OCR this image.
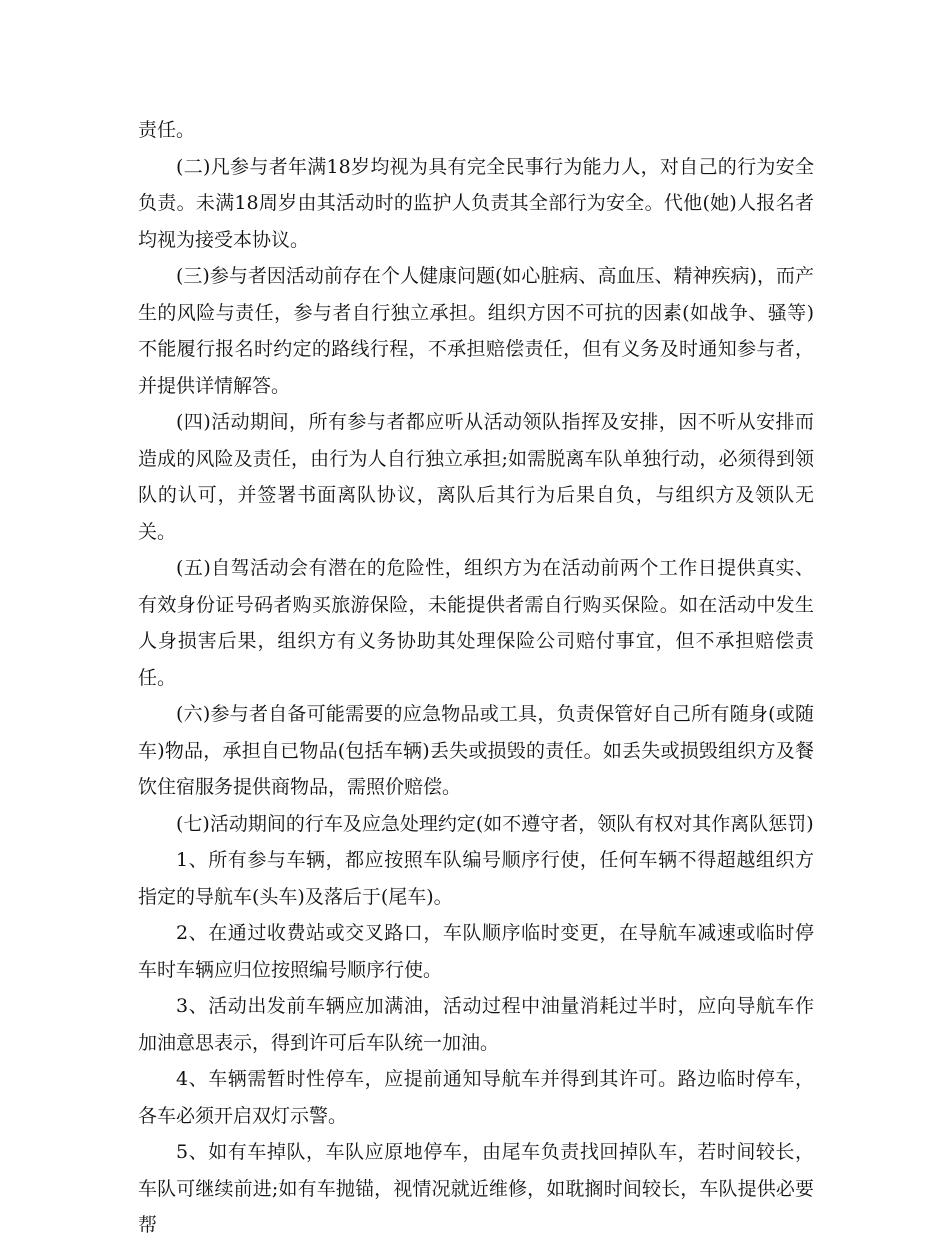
责任。

(二)凡参与者年满18岁均视为具有完全民事行为能力人，对自己的行为安全负责。未满18周岁由其活动时的监护人负责其全部行为安全。代他(她)人报名者均视为接受本协议。

(三)参与者因活动前存在个人健康问题(如心脏病、高血压、精神疾病)，而产生的风险与责任，参与者自行独立承担。组织方因不可抗的因素(如战争、骚等)不能履行报名时约定的路线行程，不承担赔偿责任，但有义务及时通知参与者，并提供详情解答。

(四)活动期间，所有参与者都应听从活动领队指挥及安排，因不听从安排而造成的风险及责任，由行为人自行独立承担;如需脱离车队单独行动，必须得到领队的认可，并签署书面离队协议，离队后其行为后果自负，与组织方及领队无关。

(五)自驾活动会有潜在的危险性，组织方为在活动前两个工作日提供真实、有效身份证号码者购买旅游保险，未能提供者需自行购买保险。如在活动中发生人身损害后果，组织方有义务协助其处理保险公司赔付事宜，但不承担赔偿责任。

(六)参与者自备可能需要的应急物品或工具，负责保管好自己所有随身(或随车)物品，承担自已物品(包括车辆)丢失或损毁的责任。如丢失或损毁组织方及餐饮住宿服务提供商物品，需照价赔偿。

(七)活动期间的行车及应急处理约定(如不遵守者，领队有权对其作离队惩罚)

1、所有参与车辆，都应按照车队编号顺序行使，任何车辆不得超越组织方指定的导航车(头车)及落后于(尾车)。

2、在通过收费站或交叉路口，车队顺序临时变更，在导航车减速或临时停车时车辆应归位按照编号顺序行使。

3、活动出发前车辆应加满油，活动过程中油量消耗过半时，应向导航车作加油意思表示，得到许可后车队统一加油。

4、车辆需暂时性停车，应提前通知导航车并得到其许可。路边临时停车，各车必须开启双灯示警。

5、如有车掉队，车队应原地停车，由尾车负责找回掉队车，若时间较长，车队可继续前进;如有车抛锚，视情况就近维修，如耽搁时间较长，车队提供必要帮
